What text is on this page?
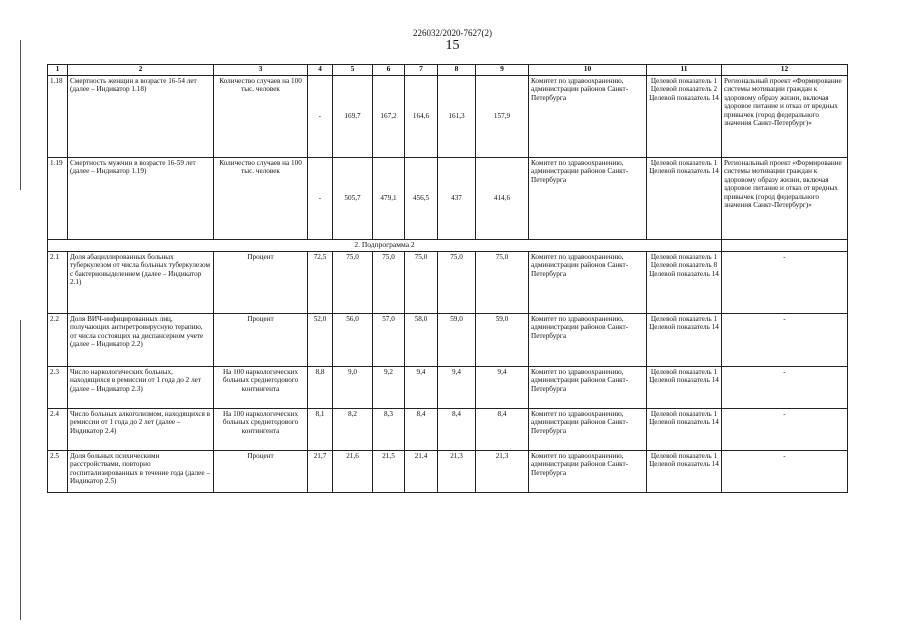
226032/2020-7627(2)
15
1	2	3	4	5	6	7	8	9	10	11	12
1.18	Смертность женщин в возрасте 16-54 лет (далее – Индикатор 1.18)	Количество случаев на 100 тыс. человек	-	169,7	167,2	164,6	161,3	157,9	Комитет по здравоохранению, администрации районов Санкт-Петербурга	Целевой показатель 1
Целевой показатель 2
Целевой показатель 14	Региональный проект «Формирование системы мотивации граждан к здоровому образу жизни, включая здоровое питание и отказ от вредных привычек (город федерального значения Санкт-Петербург)»
1.19	Смертность мужчин в возрасте 16-59 лет (далее – Индикатор 1.19)	Количество случаев на 100 тыс. человек	-	505,7	479,1	456,5	437	414,6	Комитет по здравоохранению, администрации районов Санкт-Петербурга	Целевой показатель 1
Целевой показатель 14	Региональный проект «Формирование системы мотивации граждан к здоровому образу жизни, включая здоровое питание и отказ от вредных привычек (город федерального значения Санкт-Петербург)»
2. Подпрограмма 2											
2.1	Доля абациллированных больных туберкулезом от числа больных туберкулезом с бактериовыделением (далее – Индикатор 2.1)	Процент	72,5	75,0	75,0	75,0	75,0	75,0	Комитет по здравоохранению, администрации районов Санкт-Петербурга	Целевой показатель 1
Целевой показатель 8
Целевой показатель 14	-
2.2	Доля ВИЧ-инфицированных лиц, получающих антиретровирусную терапию, от числа состоящих на диспансерном учете (далее – Индикатор 2.2)	Процент	52,0	56,0	57,0	58,0	59,0	59,0	Комитет по здравоохранению, администрации районов Санкт-Петербурга	Целевой показатель 1
Целевой показатель 14	-
2.3	Число наркологических больных, находящихся в ремиссии от 1 года до 2 лет (далее – Индикатор 2.3)	На 100 наркологических больных среднегодового контингента	8,8	9,0	9,2	9,4	9,4	9,4	Комитет по здравоохранению, администрации районов Санкт-Петербурга	Целевой показатель 1
Целевой показатель 14	-
2.4	Число больных алкоголизмом, находящихся в ремиссии от 1 года до 2 лет (далее – Индикатор 2.4)	На 100 наркологических больных среднегодового контингента	8,1	8,2	8,3	8,4	8,4	8,4	Комитет по здравоохранению, администрации районов Санкт-Петербурга	Целевой показатель 1
Целевой показатель 14	-
2.5	Доля больных психическими расстройствами, повторно госпитализированных в течение года (далее – Индикатор 2.5)	Процент	21,7	21,6	21,5	21,4	21,3	21,3	Комитет по здравоохранению, администрации районов Санкт-Петербурга	Целевой показатель 1
Целевой показатель 14	-
